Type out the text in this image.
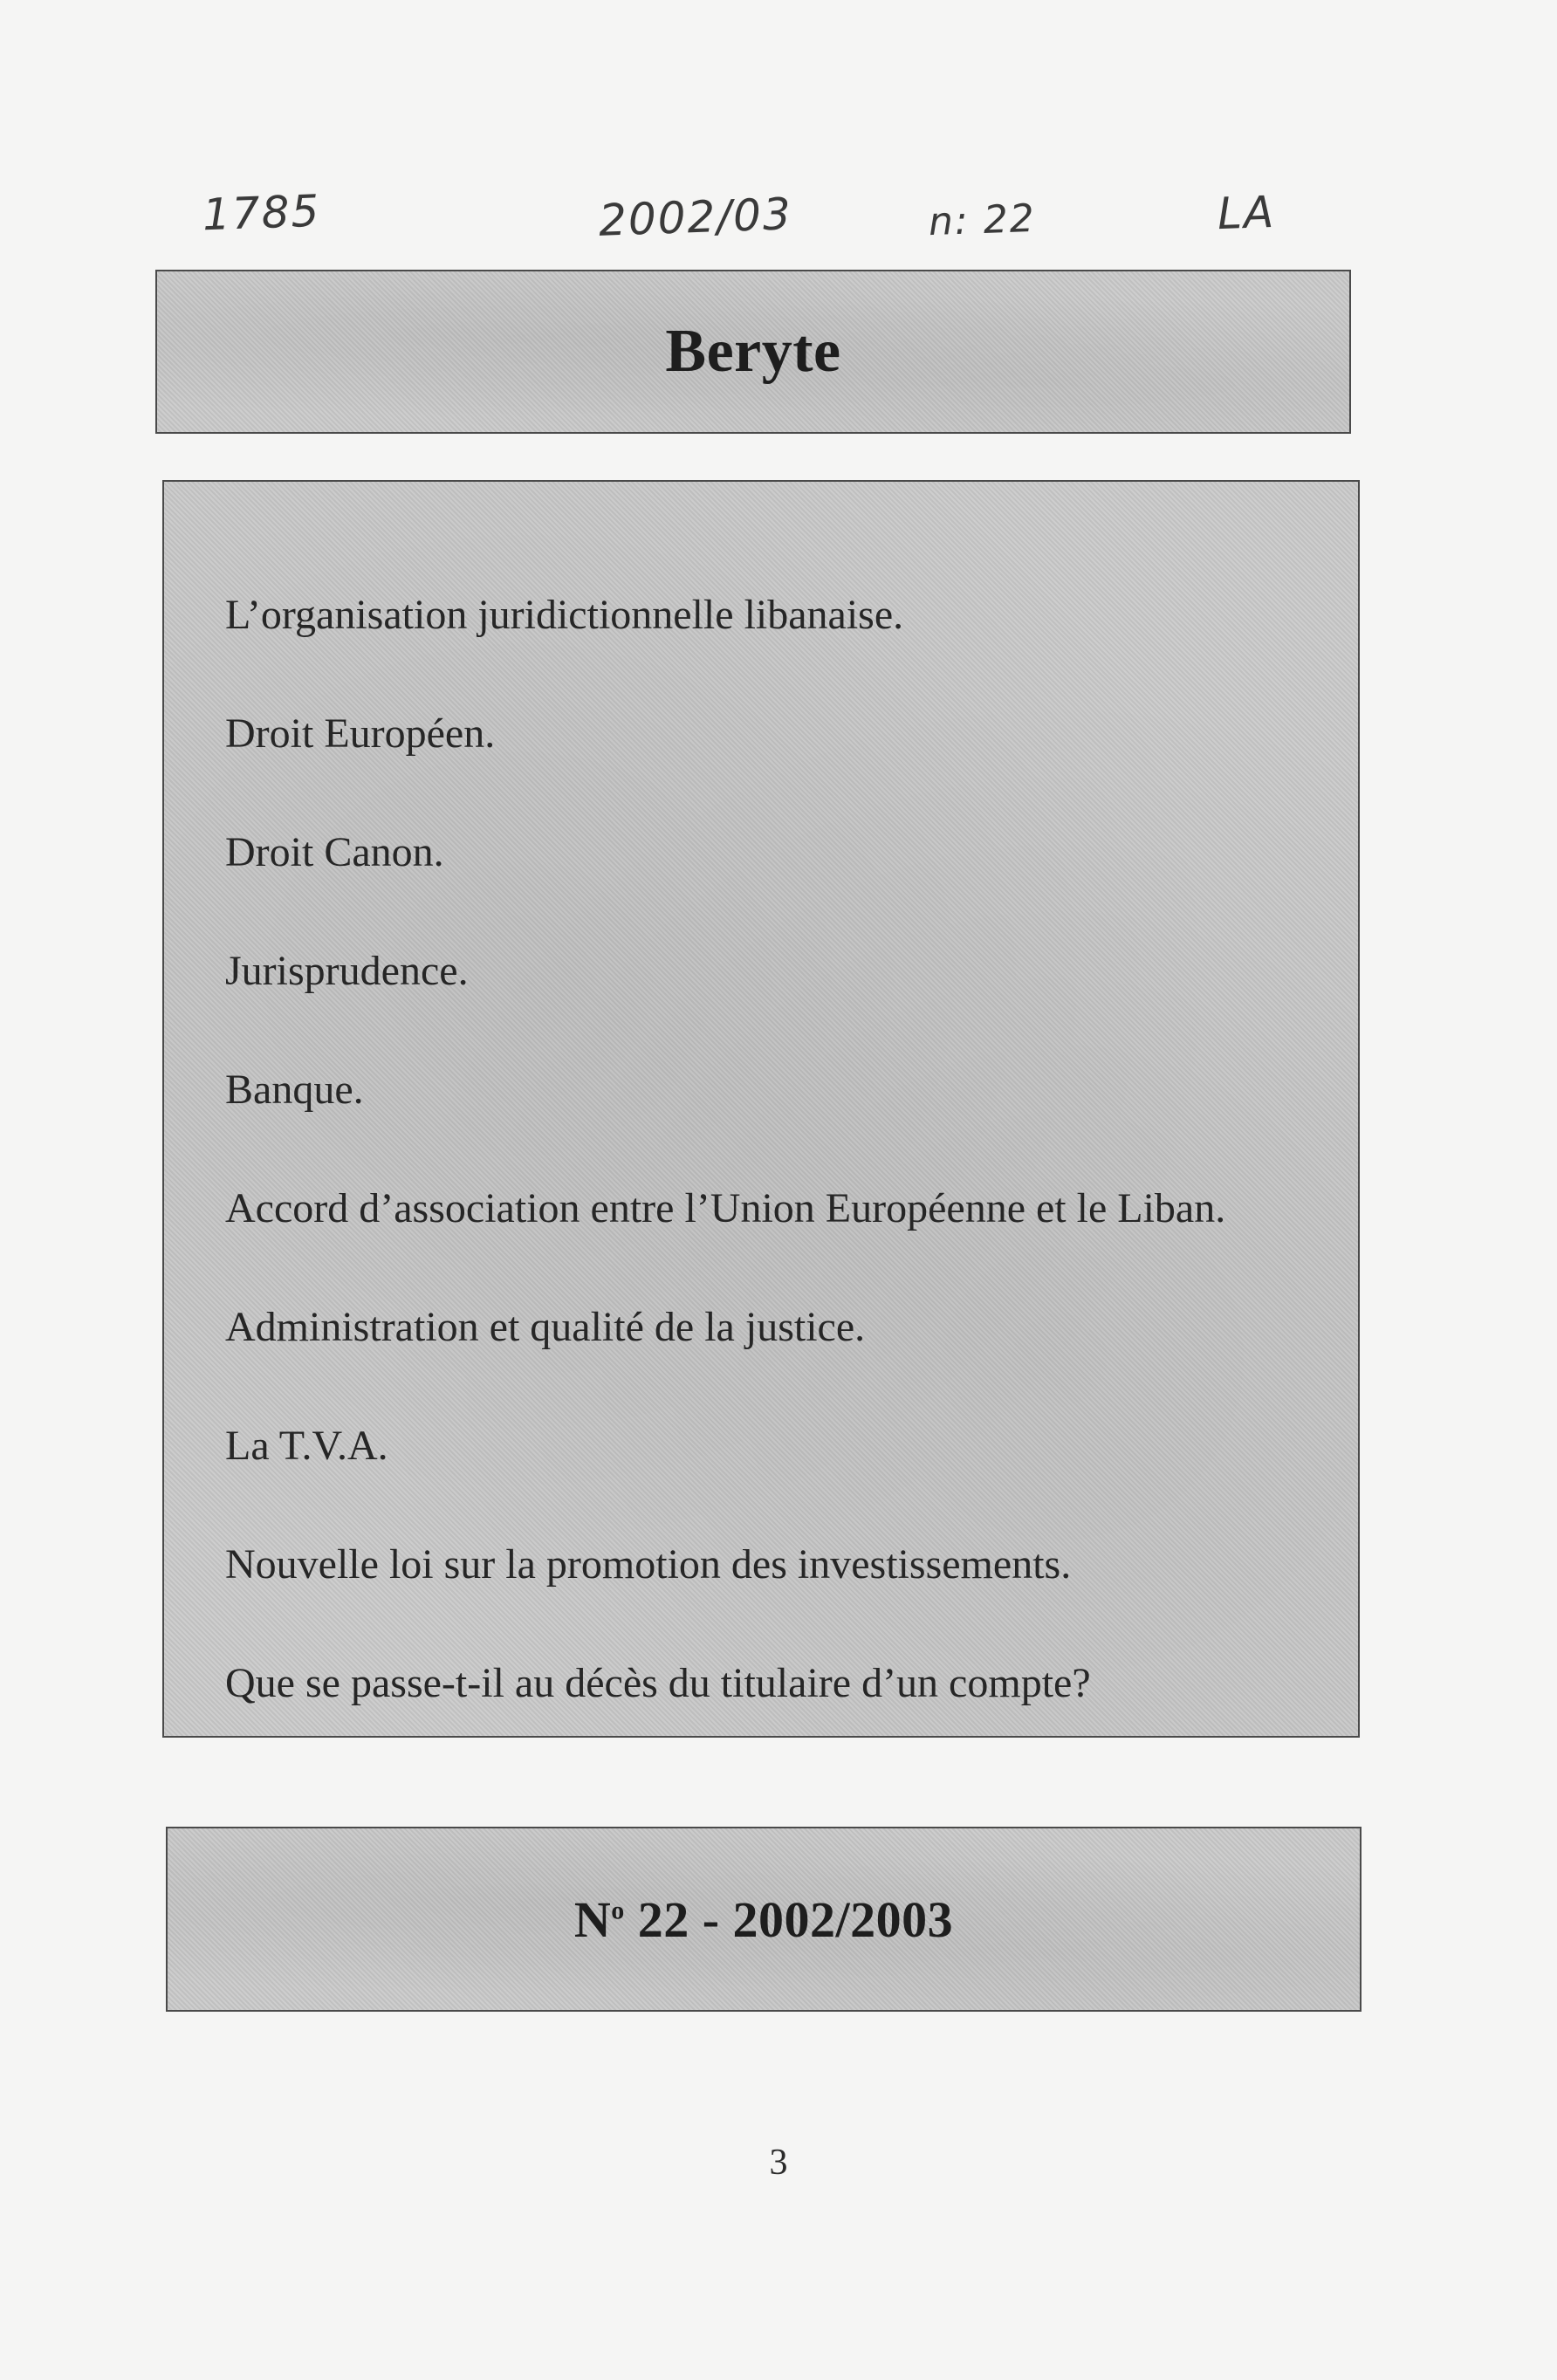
1785	2002/03	n: 22	LA
Beryte
L’organisation juridictionnelle libanaise.
Droit Européen.
Droit Canon.
Jurisprudence.
Banque.
Accord d’association entre l’Union Européenne et le Liban.
Administration et qualité de la justice.
La T.V.A.
Nouvelle loi sur la promotion des investissements.
Que se passe-t-il au décès du titulaire d’un compte?
$N^o$ 22 - 2002/2003
3
